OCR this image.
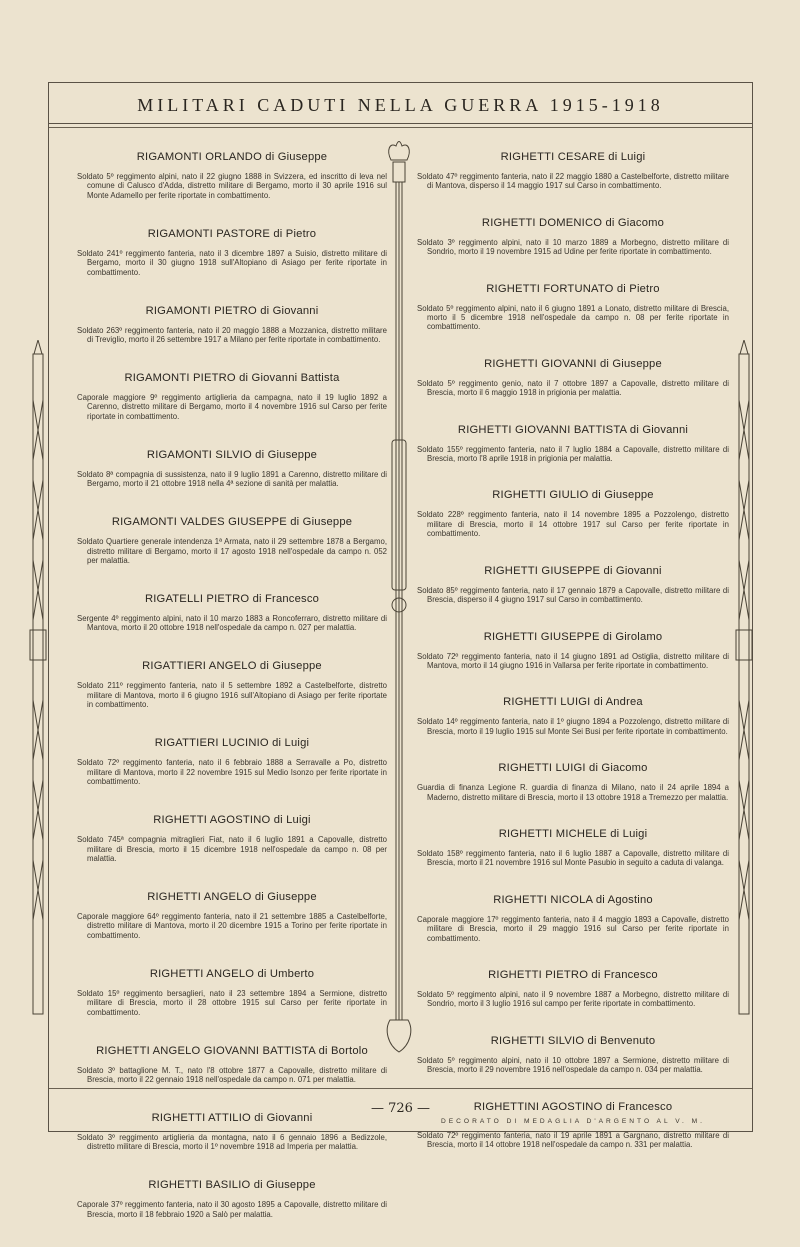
MILITARI CADUTI NELLA GUERRA 1915-1918
RIGAMONTI ORLANDO di Giuseppe
Soldato 5º reggimento alpini, nato il 22 giugno 1888 in Svizzera, ed inscritto di leva nel comune di Calusco d'Adda, distretto militare di Bergamo, morto il 30 aprile 1916 sul Monte Adamello per ferite riportate in combattimento.
RIGAMONTI PASTORE di Pietro
Soldato 241º reggimento fanteria, nato il 3 dicembre 1897 a Suisio, distretto militare di Bergamo, morto il 30 giugno 1918 sull'Altopiano di Asiago per ferite riportate in combattimento.
RIGAMONTI PIETRO di Giovanni
Soldato 263º reggimento fanteria, nato il 20 maggio 1888 a Mozzanica, distretto militare di Treviglio, morto il 26 settembre 1917 a Milano per ferite riportate in combattimento.
RIGAMONTI PIETRO di Giovanni Battista
Caporale maggiore 9º reggimento artiglieria da campagna, nato il 19 luglio 1892 a Carenno, distretto militare di Bergamo, morto il 4 novembre 1916 sul Carso per ferite riportate in combattimento.
RIGAMONTI SILVIO di Giuseppe
Soldato 8ª compagnia di sussistenza, nato il 9 luglio 1891 a Carenno, distretto militare di Bergamo, morto il 21 ottobre 1918 nella 4ª sezione di sanità per malattia.
RIGAMONTI VALDES GIUSEPPE di Giuseppe
Soldato Quartiere generale intendenza 1ª Armata, nato il 29 settembre 1878 a Bergamo, distretto militare di Bergamo, morto il 17 agosto 1918 nell'ospedale da campo n. 052 per malattia.
RIGATELLI PIETRO di Francesco
Sergente 4º reggimento alpini, nato il 10 marzo 1883 a Roncoferraro, distretto militare di Mantova, morto il 20 ottobre 1918 nell'ospedale da campo n. 027 per malattia.
RIGATTIERI ANGELO di Giuseppe
Soldato 211º reggimento fanteria, nato il 5 settembre 1892 a Castelbelforte, distretto militare di Mantova, morto il 6 giugno 1916 sull'Altopiano di Asiago per ferite riportate in combattimento.
RIGATTIERI LUCINIO di Luigi
Soldato 72º reggimento fanteria, nato il 6 febbraio 1888 a Serravalle a Po, distretto militare di Mantova, morto il 22 novembre 1915 sul Medio Isonzo per ferite riportate in combattimento.
RIGHETTI AGOSTINO di Luigi
Soldato 745ª compagnia mitraglieri Fiat, nato il 6 luglio 1891 a Capovalle, distretto militare di Brescia, morto il 15 dicembre 1918 nell'ospedale da campo n. 08 per malattia.
RIGHETTI ANGELO di Giuseppe
Caporale maggiore 64º reggimento fanteria, nato il 21 settembre 1885 a Castelbelforte, distretto militare di Mantova, morto il 20 dicembre 1915 a Torino per ferite riportate in combattimento.
RIGHETTI ANGELO di Umberto
Soldato 15º reggimento bersaglieri, nato il 23 settembre 1894 a Sermione, distretto militare di Brescia, morto il 28 ottobre 1915 sul Carso per ferite riportate in combattimento.
RIGHETTI ANGELO GIOVANNI BATTISTA di Bortolo
Soldato 3º battaglione M. T., nato l'8 ottobre 1877 a Capovalle, distretto militare di Brescia, morto il 22 gennaio 1918 nell'ospedale da campo n. 071 per malattia.
RIGHETTI ATTILIO di Giovanni
Soldato 3º reggimento artiglieria da montagna, nato il 6 gennaio 1896 a Bedizzole, distretto militare di Brescia, morto il 1º novembre 1918 ad Imperia per malattia.
RIGHETTI BASILIO di Giuseppe
Caporale 37º reggimento fanteria, nato il 30 agosto 1895 a Capovalle, distretto militare di Brescia, morto il 18 febbraio 1920 a Salò per malattia.
RIGHETTI CESARE di Luigi
Soldato 47º reggimento fanteria, nato il 22 maggio 1880 a Castelbelforte, distretto militare di Mantova, disperso il 14 maggio 1917 sul Carso in combattimento.
RIGHETTI DOMENICO di Giacomo
Soldato 3º reggimento alpini, nato il 10 marzo 1889 a Morbegno, distretto militare di Sondrio, morto il 19 novembre 1915 ad Udine per ferite riportate in combattimento.
RIGHETTI FORTUNATO di Pietro
Soldato 5º reggimento alpini, nato il 6 giugno 1891 a Lonato, distretto militare di Brescia, morto il 5 dicembre 1918 nell'ospedale da campo n. 08 per ferite riportate in combattimento.
RIGHETTI GIOVANNI di Giuseppe
Soldato 5º reggimento genio, nato il 7 ottobre 1897 a Capovalle, distretto militare di Brescia, morto il 6 maggio 1918 in prigionia per malattia.
RIGHETTI GIOVANNI BATTISTA di Giovanni
Soldato 155º reggimento fanteria, nato il 7 luglio 1884 a Capovalle, distretto militare di Brescia, morto l'8 aprile 1918 in prigionia per malattia.
RIGHETTI GIULIO di Giuseppe
Soldato 228º reggimento fanteria, nato il 14 novembre 1895 a Pozzolengo, distretto militare di Brescia, morto il 14 ottobre 1917 sul Carso per ferite riportate in combattimento.
RIGHETTI GIUSEPPE di Giovanni
Soldato 85º reggimento fanteria, nato il 17 gennaio 1879 a Capovalle, distretto militare di Brescia, disperso il 4 giugno 1917 sul Carso in combattimento.
RIGHETTI GIUSEPPE di Girolamo
Soldato 72º reggimento fanteria, nato il 14 giugno 1891 ad Ostiglia, distretto militare di Mantova, morto il 14 giugno 1916 in Vallarsa per ferite riportate in combattimento.
RIGHETTI LUIGI di Andrea
Soldato 14º reggimento fanteria, nato il 1º giugno 1894 a Pozzolengo, distretto militare di Brescia, morto il 19 luglio 1915 sul Monte Sei Busi per ferite riportate in combattimento.
RIGHETTI LUIGI di Giacomo
Guardia di finanza Legione R. guardia di finanza di Milano, nato il 24 aprile 1894 a Maderno, distretto militare di Brescia, morto il 13 ottobre 1918 a Tremezzo per malattia.
RIGHETTI MICHELE di Luigi
Soldato 158º reggimento fanteria, nato il 6 luglio 1887 a Capovalle, distretto militare di Brescia, morto il 21 novembre 1916 sul Monte Pasubio in seguito a caduta di valanga.
RIGHETTI NICOLA di Agostino
Caporale maggiore 17º reggimento fanteria, nato il 4 maggio 1893 a Capovalle, distretto militare di Brescia, morto il 29 maggio 1916 sul Carso per ferite riportate in combattimento.
RIGHETTI PIETRO di Francesco
Soldato 5º reggimento alpini, nato il 9 novembre 1887 a Morbegno, distretto militare di Sondrio, morto il 3 luglio 1916 sul campo per ferite riportate in combattimento.
RIGHETTI SILVIO di Benvenuto
Soldato 5º reggimento alpini, nato il 10 ottobre 1897 a Sermione, distretto militare di Brescia, morto il 29 novembre 1916 nell'ospedale da campo n. 034 per malattia.
RIGHETTINI AGOSTINO di Francesco
DECORATO DI MEDAGLIA D'ARGENTO AL V. M.
Soldato 72º reggimento fanteria, nato il 19 aprile 1891 a Gargnano, distretto militare di Brescia, morto il 14 ottobre 1918 nell'ospedale da campo n. 331 per malattia.
— 726 —
